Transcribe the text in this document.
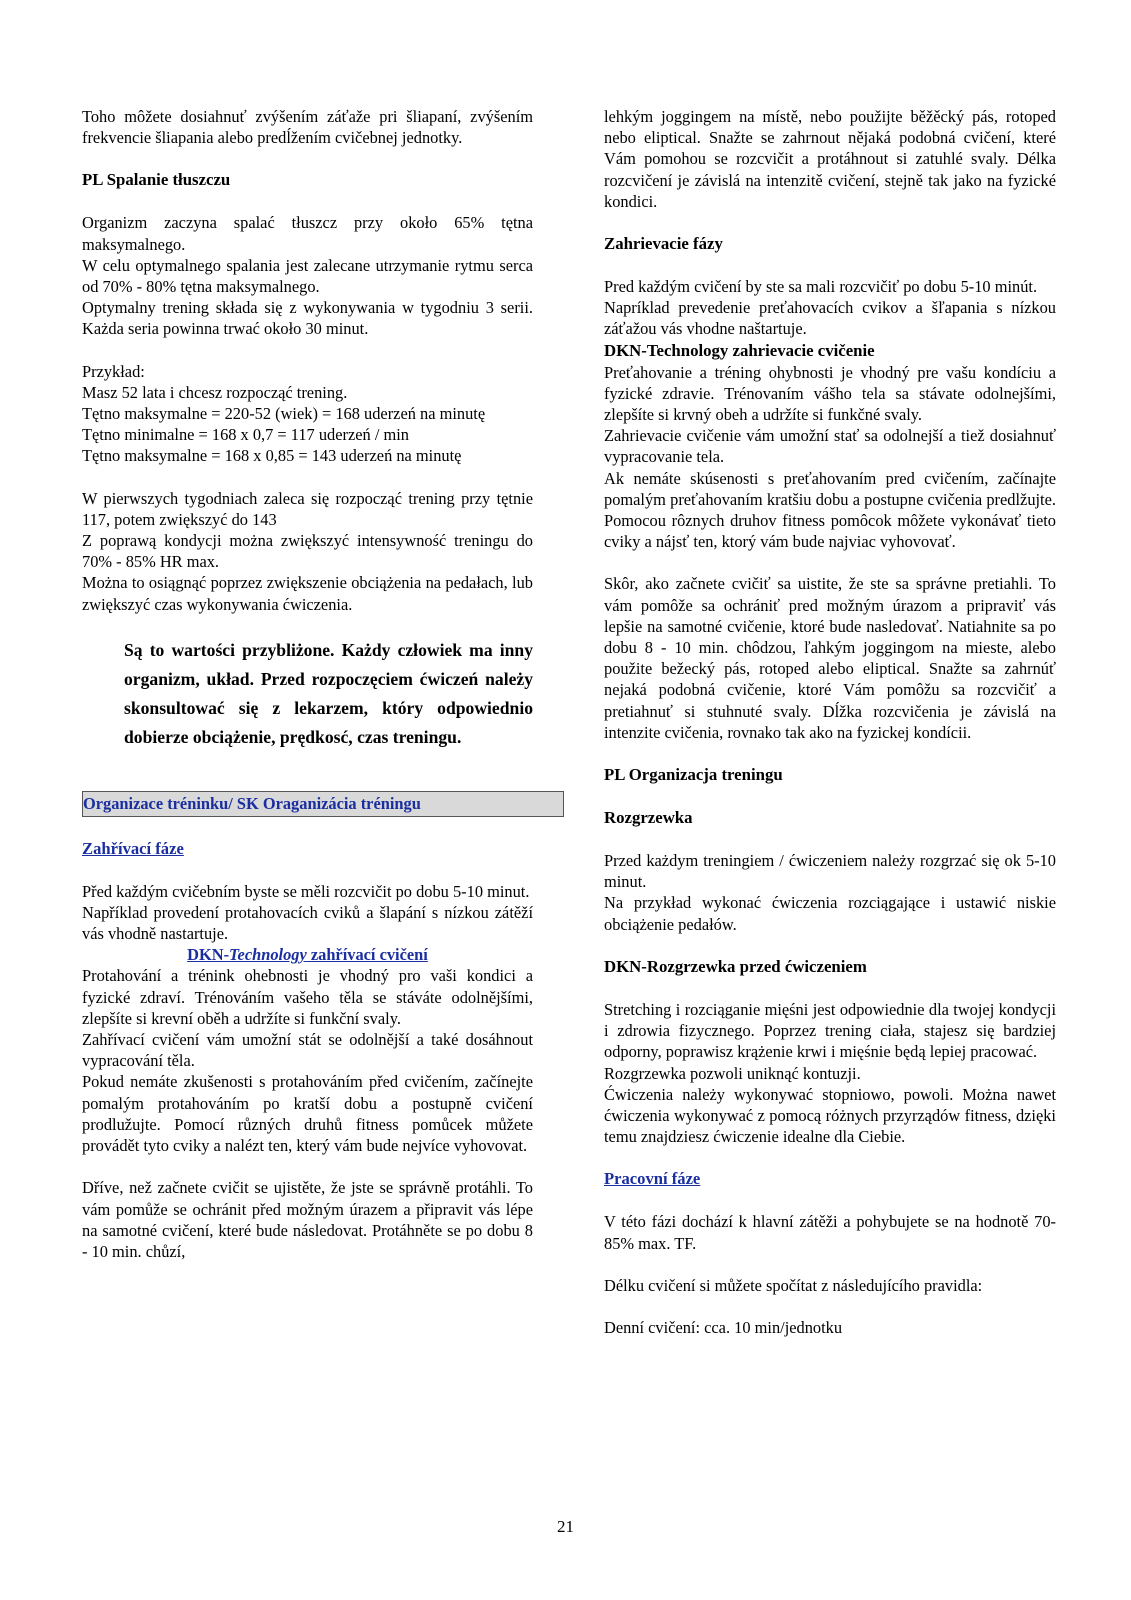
Toho môžete dosiahnuť zvýšením záťaže pri šliapaní, zvýšením frekvencie šliapania alebo predĺžením cvičebnej jednotky.

PL Spalanie tłuszczu

Organizm zaczyna spalać tłuszcz przy około 65% tętna maksymalnego.

W celu optymalnego spalania jest zalecane utrzymanie rytmu serca od 70% - 80% tętna maksymalnego.

Optymalny trening składa się z wykonywania w tygodniu 3 serii. Każda seria powinna trwać około 30 minut.

Przykład:

Masz 52 lata i chcesz rozpocząć trening.

Tętno maksymalne = 220-52 (wiek) = 168 uderzeń na minutę

Tętno minimalne = 168 x 0,7 = 117 uderzeń / min

Tętno maksymalne = 168 x 0,85 = 143 uderzeń na minutę

W pierwszych tygodniach zaleca się rozpocząć trening przy tętnie 117, potem zwiększyć do 143

Z poprawą kondycji można zwiększyć intensywność treningu do 70% - 85% HR max.

Można to osiągnąć poprzez zwiększenie obciążenia na pedałach, lub zwiększyć czas wykonywania ćwiczenia.

Są to wartości przybliżone. Każdy człowiek ma inny organizm, układ. Przed rozpoczęciem ćwiczeń należy skonsultować się z lekarzem, który odpowiednio dobierze obciążenie, prędkosć, czas treningu.

Organizace tréninku/ SK Oraganizácia tréningu

Zahřívací fáze

Před každým cvičebním byste se měli rozcvičit po dobu 5-10 minut.

Například provedení protahovacích cviků a šlapání s nízkou zátěží vás vhodně nastartuje.

DKN-Technology zahřívací cvičení

Protahování a trénink ohebnosti je vhodný pro vaši kondici a fyzické zdraví. Trénováním vašeho těla se stáváte odolnějšími, zlepšíte si krevní oběh a udržíte si funkční svaly.

Zahřívací cvičení vám umožní stát se odolnější a také dosáhnout vypracování těla.

Pokud nemáte zkušenosti s protahováním před cvičením, začínejte pomalým protahováním po kratší dobu a postupně cvičení prodlužujte. Pomocí různých druhů fitness pomůcek můžete provádět tyto cviky a nalézt ten, který vám bude nejvíce vyhovovat.

Dříve, než začnete cvičit se ujistěte, že jste se správně protáhli. To vám pomůže se ochránit před možným úrazem a připravit vás lépe na samotné cvičení, které bude následovat. Protáhněte se po dobu 8 - 10 min. chůzí,

lehkým joggingem na místě, nebo použijte běžěcký pás, rotoped nebo eliptical. Snažte se zahrnout nějaká podobná cvičení, které Vám pomohou se rozcvičit a protáhnout si zatuhlé svaly. Délka rozcvičení je závislá na intenzitě cvičení, stejně tak jako na fyzické kondici.

Zahrievacie fázy

Pred každým cvičení by ste sa mali rozcvičiť po dobu 5-10 minút.

Napríklad prevedenie preťahovacích cvikov a šľapania s nízkou záťažou vás vhodne naštartuje.

DKN-Technology zahrievacie cvičenie

Preťahovanie a tréning ohybnosti je vhodný pre vašu kondíciu a fyzické zdravie. Trénovaním vášho tela sa stávate odolnejšími, zlepšíte si krvný obeh a udržíte si funkčné svaly.

Zahrievacie cvičenie vám umožní stať sa odolnejší a tiež dosiahnuť vypracovanie tela.

Ak nemáte skúsenosti s preťahovaním pred cvičením, začínajte pomalým preťahovaním kratšiu dobu a postupne cvičenia predlžujte. Pomocou rôznych druhov fitness pomôcok môžete vykonávať tieto cviky a nájsť ten, ktorý vám bude najviac vyhovovať.

Skôr, ako začnete cvičiť sa uistite, že ste sa správne pretiahli. To vám pomôže sa ochrániť pred možným úrazom a pripraviť vás lepšie na samotné cvičenie, ktoré bude nasledovať. Natiahnite sa po dobu 8 - 10 min. chôdzou, ľahkým joggingom na mieste, alebo použite bežecký pás, rotoped alebo eliptical. Snažte sa zahrnúť nejaká podobná cvičenie, ktoré Vám pomôžu sa rozcvičiť a pretiahnuť si stuhnuté svaly. Dĺžka rozcvičenia je závislá na intenzite cvičenia, rovnako tak ako na fyzickej kondícii.

PL Organizacja treningu

Rozgrzewka

Przed każdym treningiem / ćwiczeniem należy rozgrzać się ok 5-10 minut.

Na przykład wykonać ćwiczenia rozciągające i ustawić niskie obciążenie pedałów.

DKN-Rozgrzewka przed ćwiczeniem

Stretching i rozciąganie mięśni jest odpowiednie dla twojej kondycji i zdrowia fizycznego. Poprzez trening ciała, stajesz się bardziej odporny, poprawisz krążenie krwi i mięśnie będą lepiej pracować.

Rozgrzewka pozwoli uniknąć kontuzji.

Ćwiczenia należy wykonywać stopniowo, powoli. Można nawet ćwiczenia wykonywać z pomocą różnych przyrządów fitness, dzięki temu znajdziesz ćwiczenie idealne dla Ciebie.

Pracovní fáze

V této fázi dochází k hlavní zátěži a pohybujete se na hodnotě 70-85% max. TF.

Délku cvičení si můžete spočítat z následujícího pravidla:

Denní cvičení: cca. 10 min/jednotku

21
